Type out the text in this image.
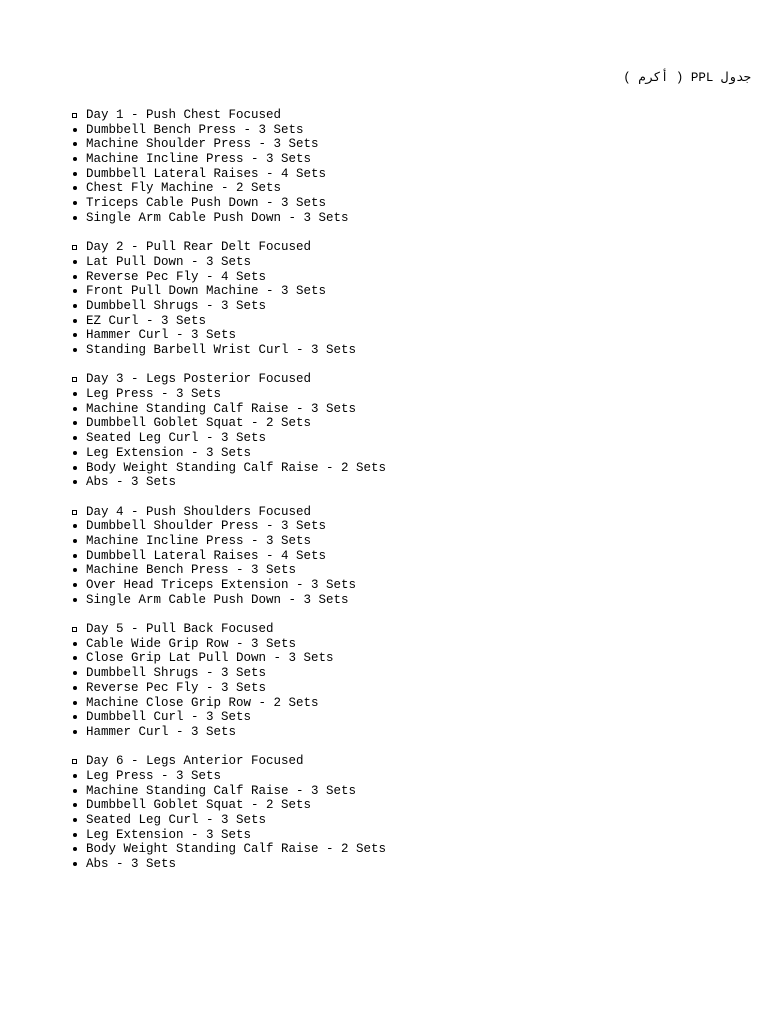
جدول PPL ( أكرم )
Day 1 - Push Chest Focused
Dumbbell Bench Press - 3 Sets
Machine Shoulder Press - 3 Sets
Machine Incline Press - 3 Sets
Dumbbell Lateral Raises - 4 Sets
Chest Fly Machine - 2 Sets
Triceps Cable Push Down - 3 Sets
Single Arm Cable Push Down - 3 Sets
Day 2 - Pull Rear Delt Focused
Lat Pull Down - 3 Sets
Reverse Pec Fly - 4 Sets
Front Pull Down Machine - 3 Sets
Dumbbell Shrugs - 3 Sets
EZ Curl - 3 Sets
Hammer Curl - 3 Sets
Standing Barbell Wrist Curl - 3 Sets
Day 3 - Legs Posterior Focused
Leg Press - 3 Sets
Machine Standing Calf Raise - 3 Sets
Dumbbell Goblet Squat - 2 Sets
Seated Leg Curl - 3 Sets
Leg Extension - 3 Sets
Body Weight Standing Calf Raise - 2 Sets
Abs - 3 Sets
Day 4 - Push Shoulders Focused
Dumbbell Shoulder Press - 3 Sets
Machine Incline Press - 3 Sets
Dumbbell Lateral Raises - 4 Sets
Machine Bench Press - 3 Sets
Over Head Triceps Extension - 3 Sets
Single Arm Cable Push Down - 3 Sets
Day 5 - Pull Back Focused
Cable Wide Grip Row - 3 Sets
Close Grip Lat Pull Down - 3 Sets
Dumbbell Shrugs - 3 Sets
Reverse Pec Fly - 3 Sets
Machine Close Grip Row - 2 Sets
Dumbbell Curl - 3 Sets
Hammer Curl - 3 Sets
Day 6 - Legs Anterior Focused
Leg Press - 3 Sets
Machine Standing Calf Raise - 3 Sets
Dumbbell Goblet Squat - 2 Sets
Seated Leg Curl - 3 Sets
Leg Extension - 3 Sets
Body Weight Standing Calf Raise - 2 Sets
Abs - 3 Sets
